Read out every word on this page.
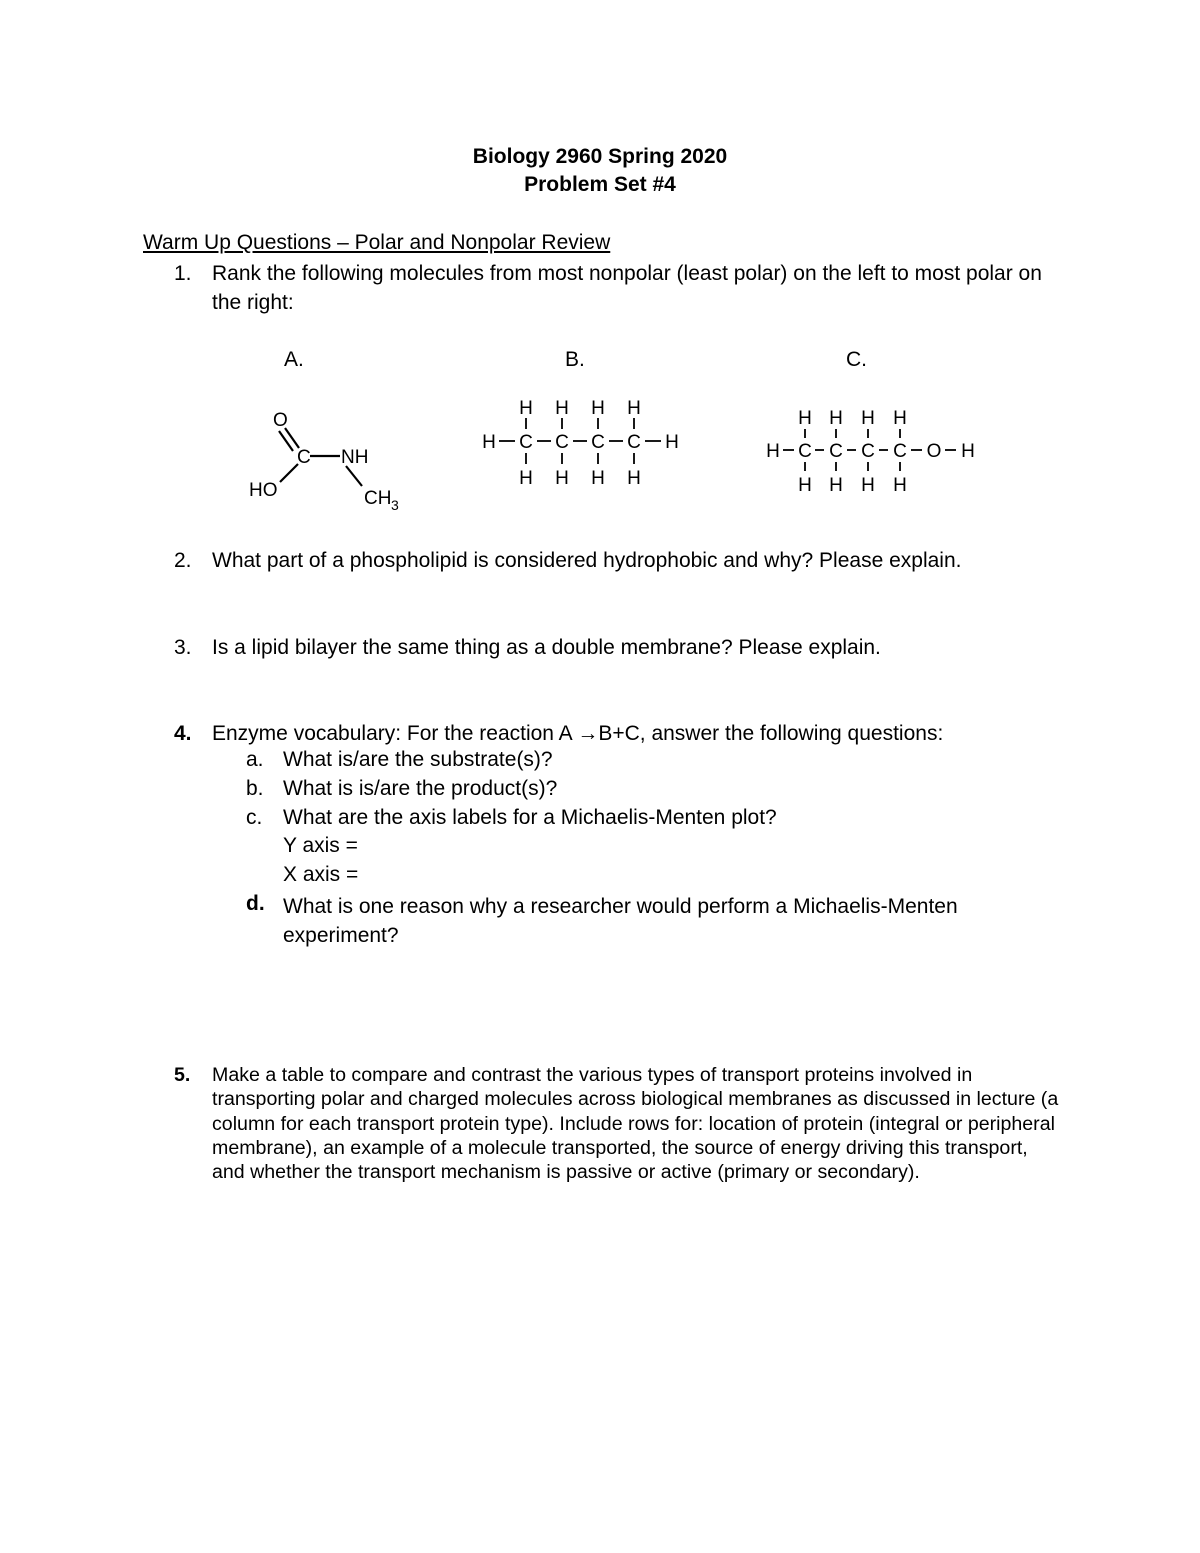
Biology 2960 Spring 2020
Problem Set #4
Warm Up Questions – Polar and Nonpolar Review
1. Rank the following molecules from most nonpolar (least polar) on the left to most polar on the right:
A.	B.	C.
O
C NH
HO	CH 3
H H H H
H C C C C H
H H H H
H H H H
H C C C C O H
H H H H
2. What part of a phospholipid is considered hydrophobic and why? Please explain.
3. Is a lipid bilayer the same thing as a double membrane? Please explain.
4. Enzyme vocabulary: For the reaction A →B+C, answer the following questions:
a. What is/are the substrate(s)?
b. What is is/are the product(s)?
c. What are the axis labels for a Michaelis-Menten plot?
Y axis =
X axis =
d. What is one reason why a researcher would perform a Michaelis-Menten experiment?
5.	Make a table to compare and contrast the various types of transport proteins involved in transporting polar and charged molecules across biological membranes as discussed in lecture (a column for each transport protein type). Include rows for: location of protein (integral or peripheral membrane), an example of a molecule transported, the source of energy driving this transport, and whether the transport mechanism is passive or active (primary or secondary).
